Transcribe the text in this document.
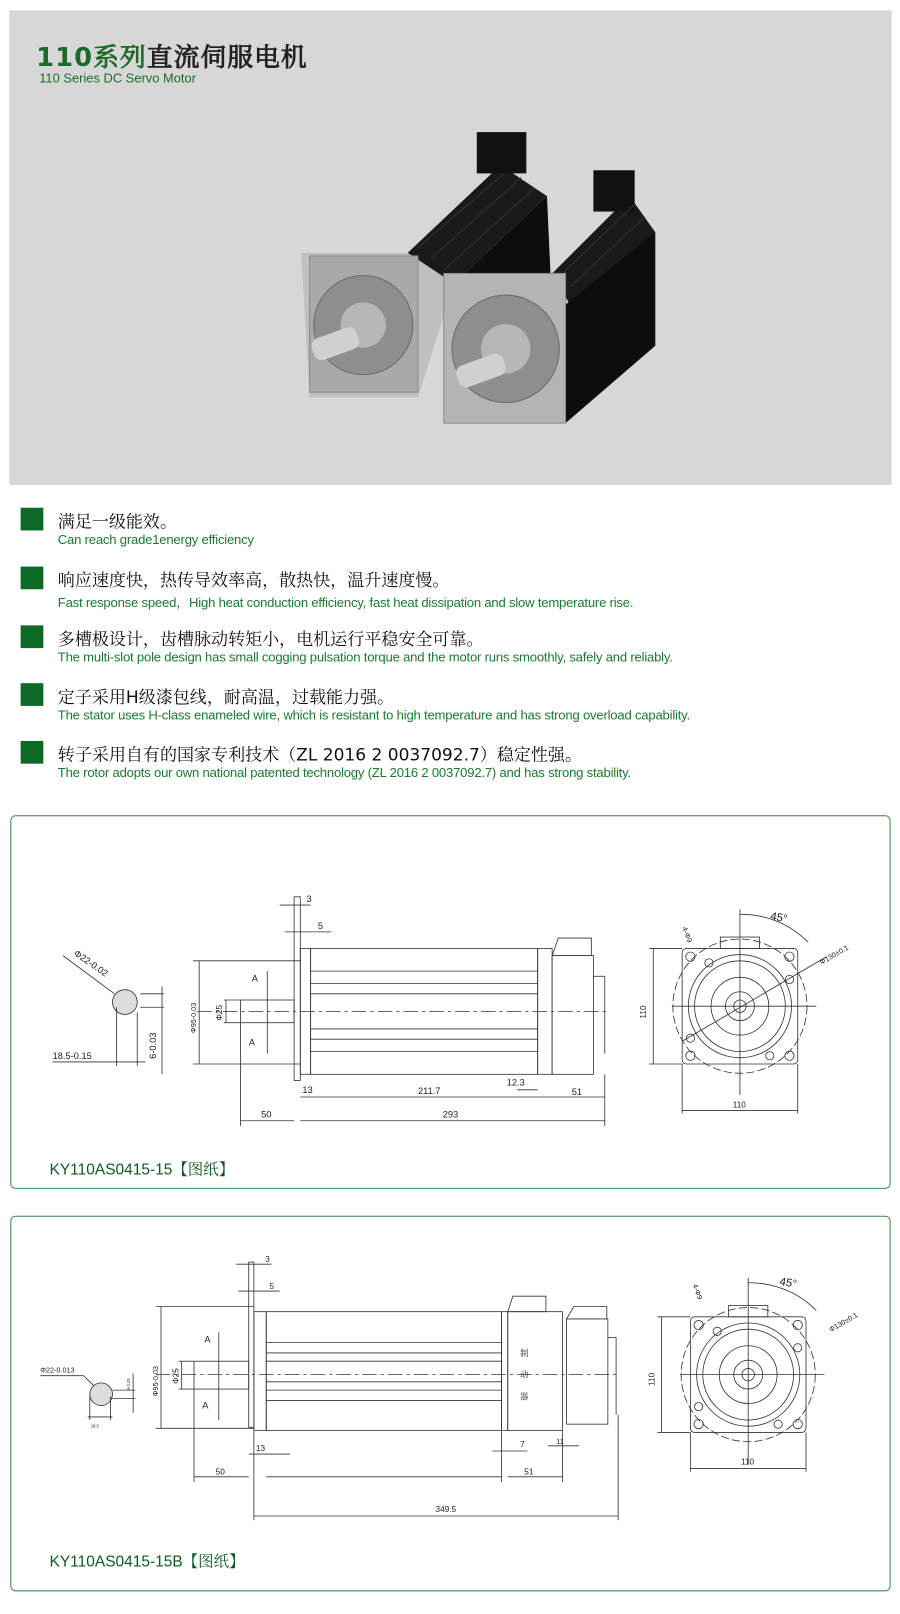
110系列直流伺服电机
110 Series DC Servo Motor
满足一级能效。
Can reach grade1energy efficiency
响应速度快，热传导效率高，散热快，温升速度慢。
Fast response speed，High heat conduction efficiency, fast heat dissipation and slow temperature rise.
多槽极设计，齿槽脉动转矩小，电机运行平稳安全可靠。
The multi-slot pole design has small cogging pulsation torque and the motor runs smoothly, safely and reliably.
定子采用H级漆包线，耐高温，过载能力强。
The stator uses H-class enameled wire, which is resistant to high temperature and has strong overload capability.
转子采用自有的国家专利技术（ZL 2016 2 0037092.7）稳定性强。
The rotor adopts our own national patented technology (ZL 2016 2 0037092.7) and has strong stability.
Φ22-0.02
18.5-0.15	6-0.03
3
5
Φ95-0.03 Φ25
A
A
13	211.7
12.3
51
50	293
45°
4-Φ9
Φ130±0.1
110
110
KY110AS0415-15【图纸】
Φ22-0.013
18.5
6-0.03
3
5
Φ95-0.03 Φ25
A
A
13
50
7
51
11
349.5
制
动
器
45°
4-Φ9
Φ130±0.1
110
110
KY110AS0415-15B【图纸】
